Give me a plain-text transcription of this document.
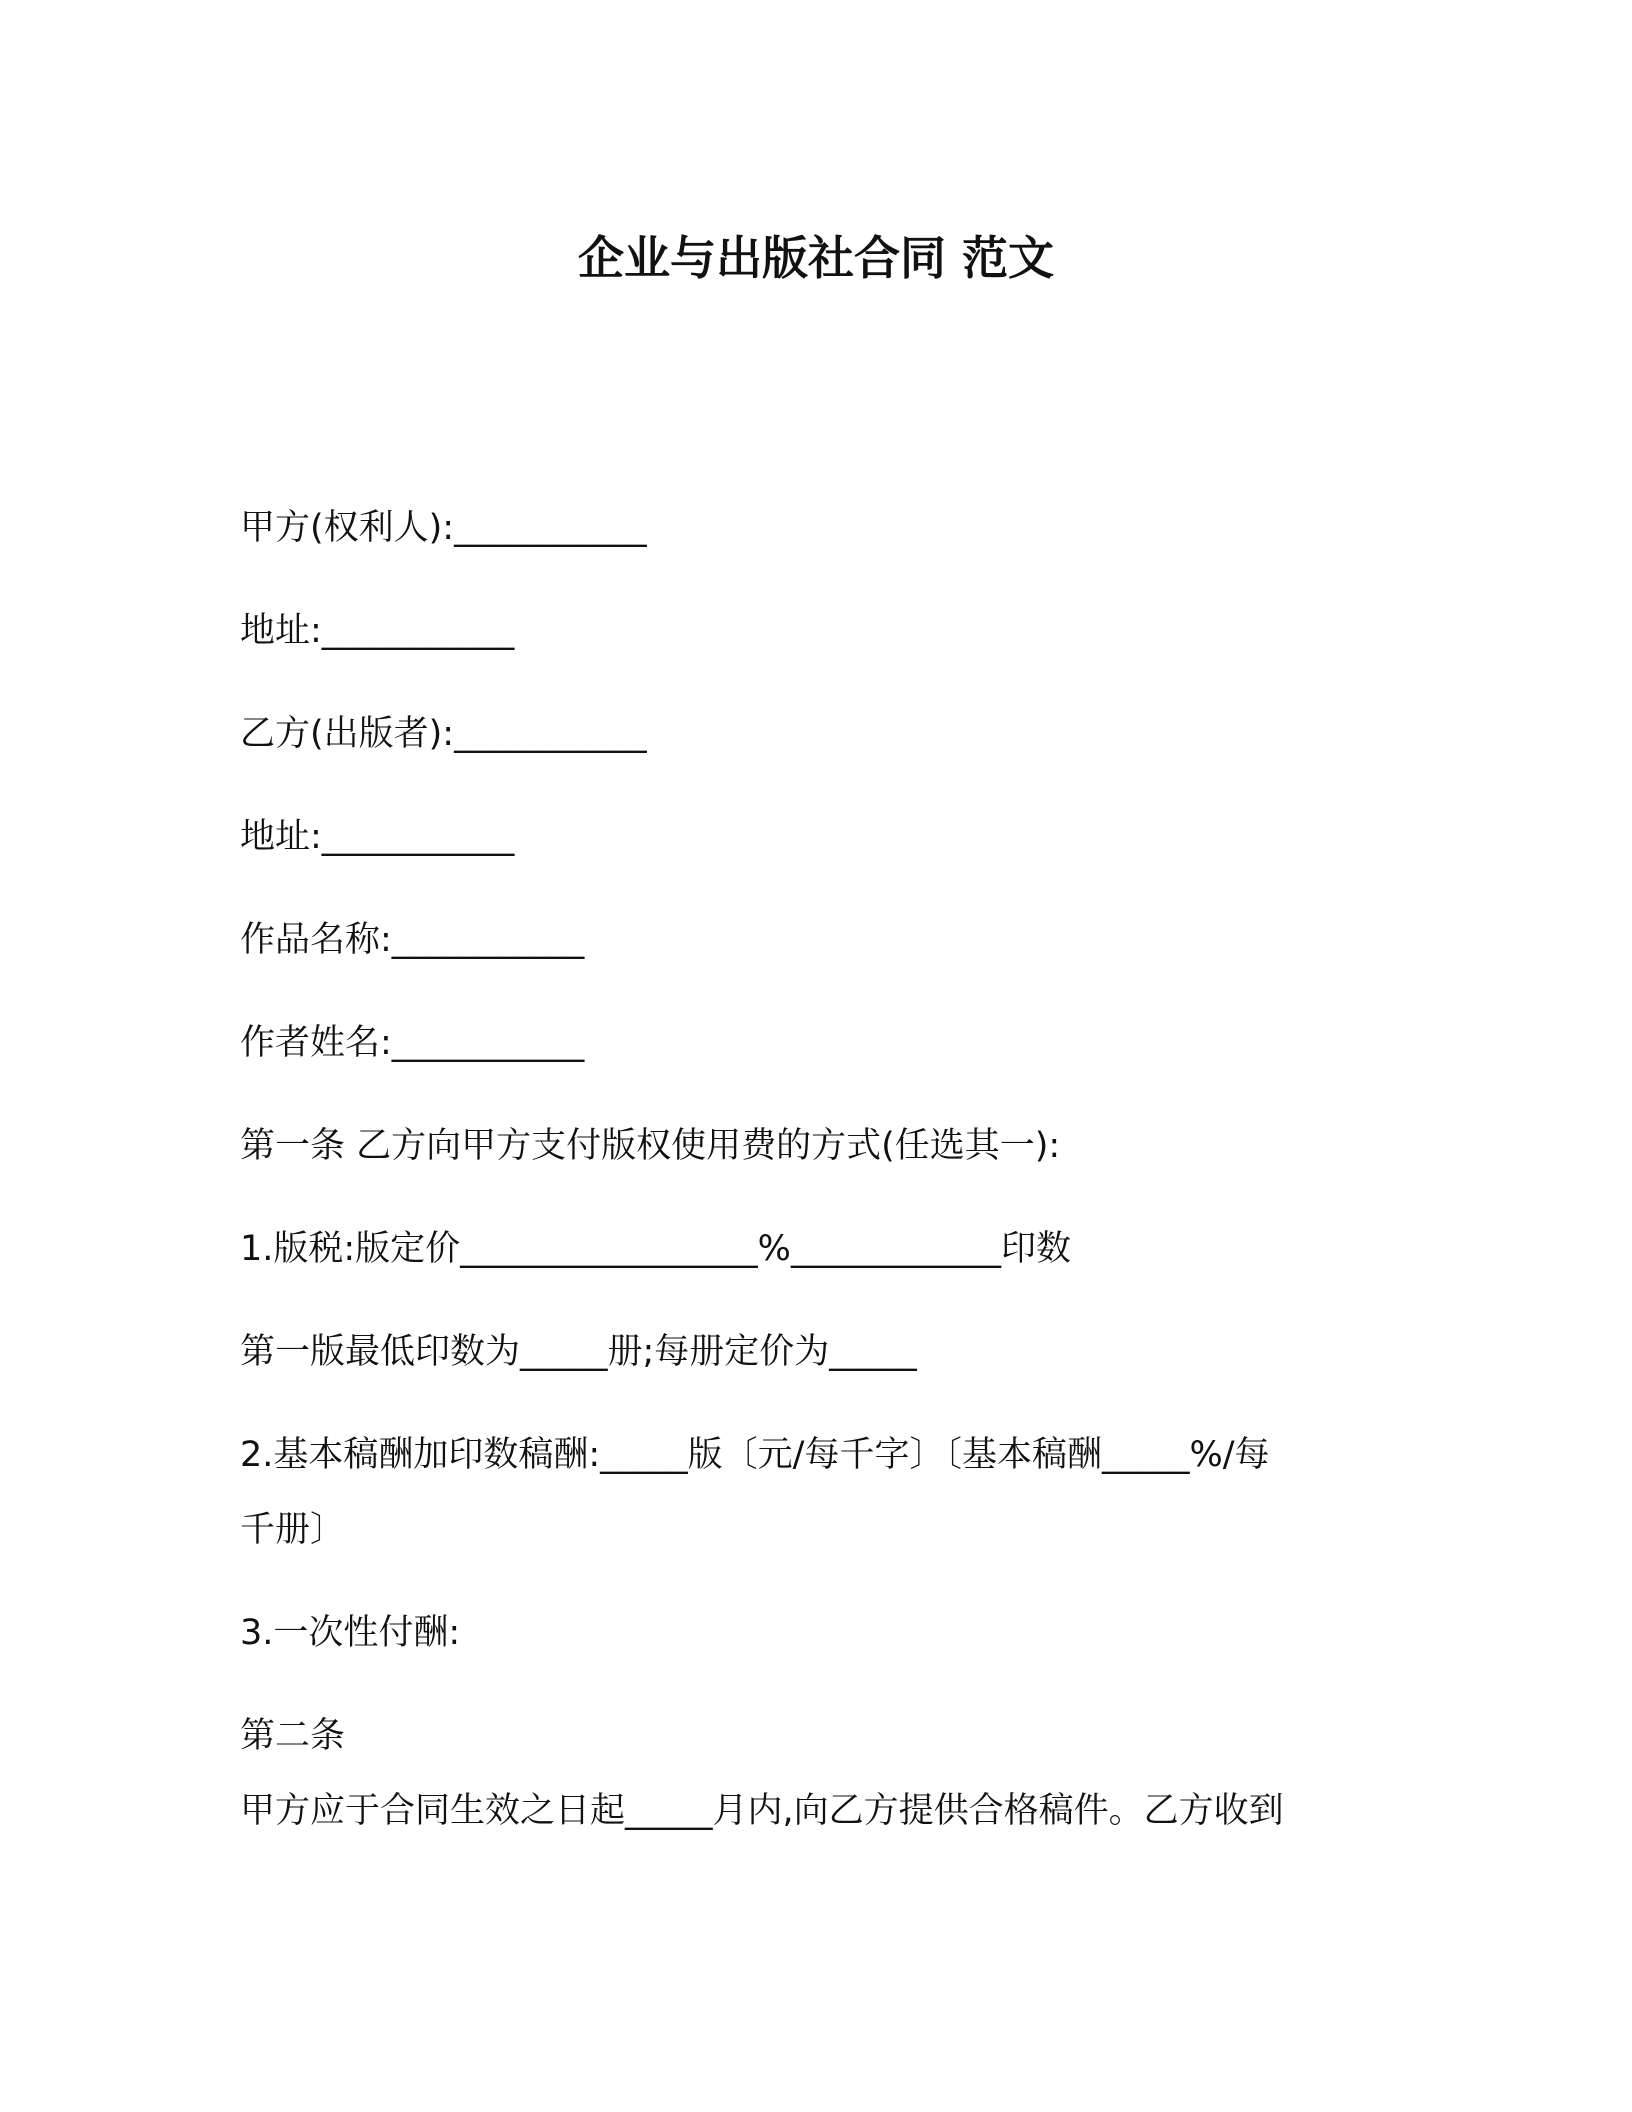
企业与出版社合同 范文

甲方(权利人):___________

地址:___________

乙方(出版者):___________

地址:___________

作品名称:___________

作者姓名:___________

第一条 乙方向甲方支付版权使用费的方式(任选其一):

1.版税:版定价_________________%____________印数

第一版最低印数为_____册;每册定价为_____

2.基本稿酬加印数稿酬:_____版〔元/每千字〕〔基本稿酬_____%/每

千册〕

3.一次性付酬:

第二条

甲方应于合同生效之日起_____月内,向乙方提供合格稿件。乙方收到
